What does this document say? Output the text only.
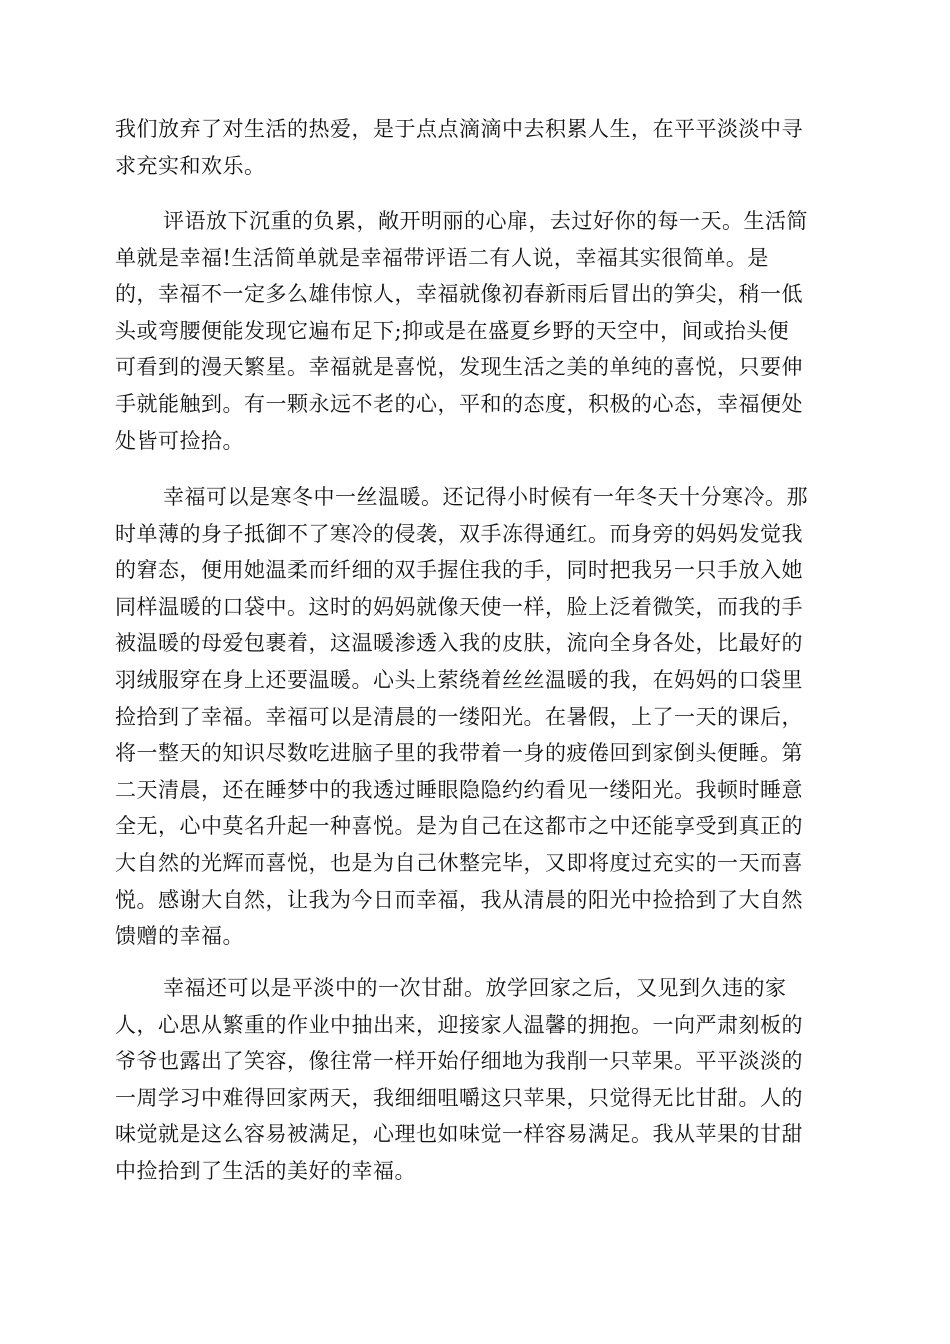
我们放弃了对生活的热爱，是于点点滴滴中去积累人生，在平平淡淡中寻
求充实和欢乐。
评语放下沉重的负累，敞开明丽的心扉，去过好你的每一天。生活简
单就是幸福!生活简单就是幸福带评语二有人说，幸福其实很简单。是
的，幸福不一定多么雄伟惊人，幸福就像初春新雨后冒出的笋尖，稍一低
头或弯腰便能发现它遍布足下;抑或是在盛夏乡野的天空中，间或抬头便
可看到的漫天繁星。幸福就是喜悦，发现生活之美的单纯的喜悦，只要伸
手就能触到。有一颗永远不老的心，平和的态度，积极的心态，幸福便处
处皆可捡拾。
幸福可以是寒冬中一丝温暖。还记得小时候有一年冬天十分寒冷。那
时单薄的身子抵御不了寒冷的侵袭，双手冻得通红。而身旁的妈妈发觉我
的窘态，便用她温柔而纤细的双手握住我的手，同时把我另一只手放入她
同样温暖的口袋中。这时的妈妈就像天使一样，脸上泛着微笑，而我的手
被温暖的母爱包裹着，这温暖渗透入我的皮肤，流向全身各处，比最好的
羽绒服穿在身上还要温暖。心头上萦绕着丝丝温暖的我，在妈妈的口袋里
捡拾到了幸福。幸福可以是清晨的一缕阳光。在暑假，上了一天的课后，
将一整天的知识尽数吃进脑子里的我带着一身的疲倦回到家倒头便睡。第
二天清晨，还在睡梦中的我透过睡眼隐隐约约看见一缕阳光。我顿时睡意
全无，心中莫名升起一种喜悦。是为自己在这都市之中还能享受到真正的
大自然的光辉而喜悦，也是为自己休整完毕，又即将度过充实的一天而喜
悦。感谢大自然，让我为今日而幸福，我从清晨的阳光中捡拾到了大自然
馈赠的幸福。
幸福还可以是平淡中的一次甘甜。放学回家之后，又见到久违的家
人，心思从繁重的作业中抽出来，迎接家人温馨的拥抱。一向严肃刻板的
爷爷也露出了笑容，像往常一样开始仔细地为我削一只苹果。平平淡淡的
一周学习中难得回家两天，我细细咀嚼这只苹果，只觉得无比甘甜。人的
味觉就是这么容易被满足，心理也如味觉一样容易满足。我从苹果的甘甜
中捡拾到了生活的美好的幸福。
